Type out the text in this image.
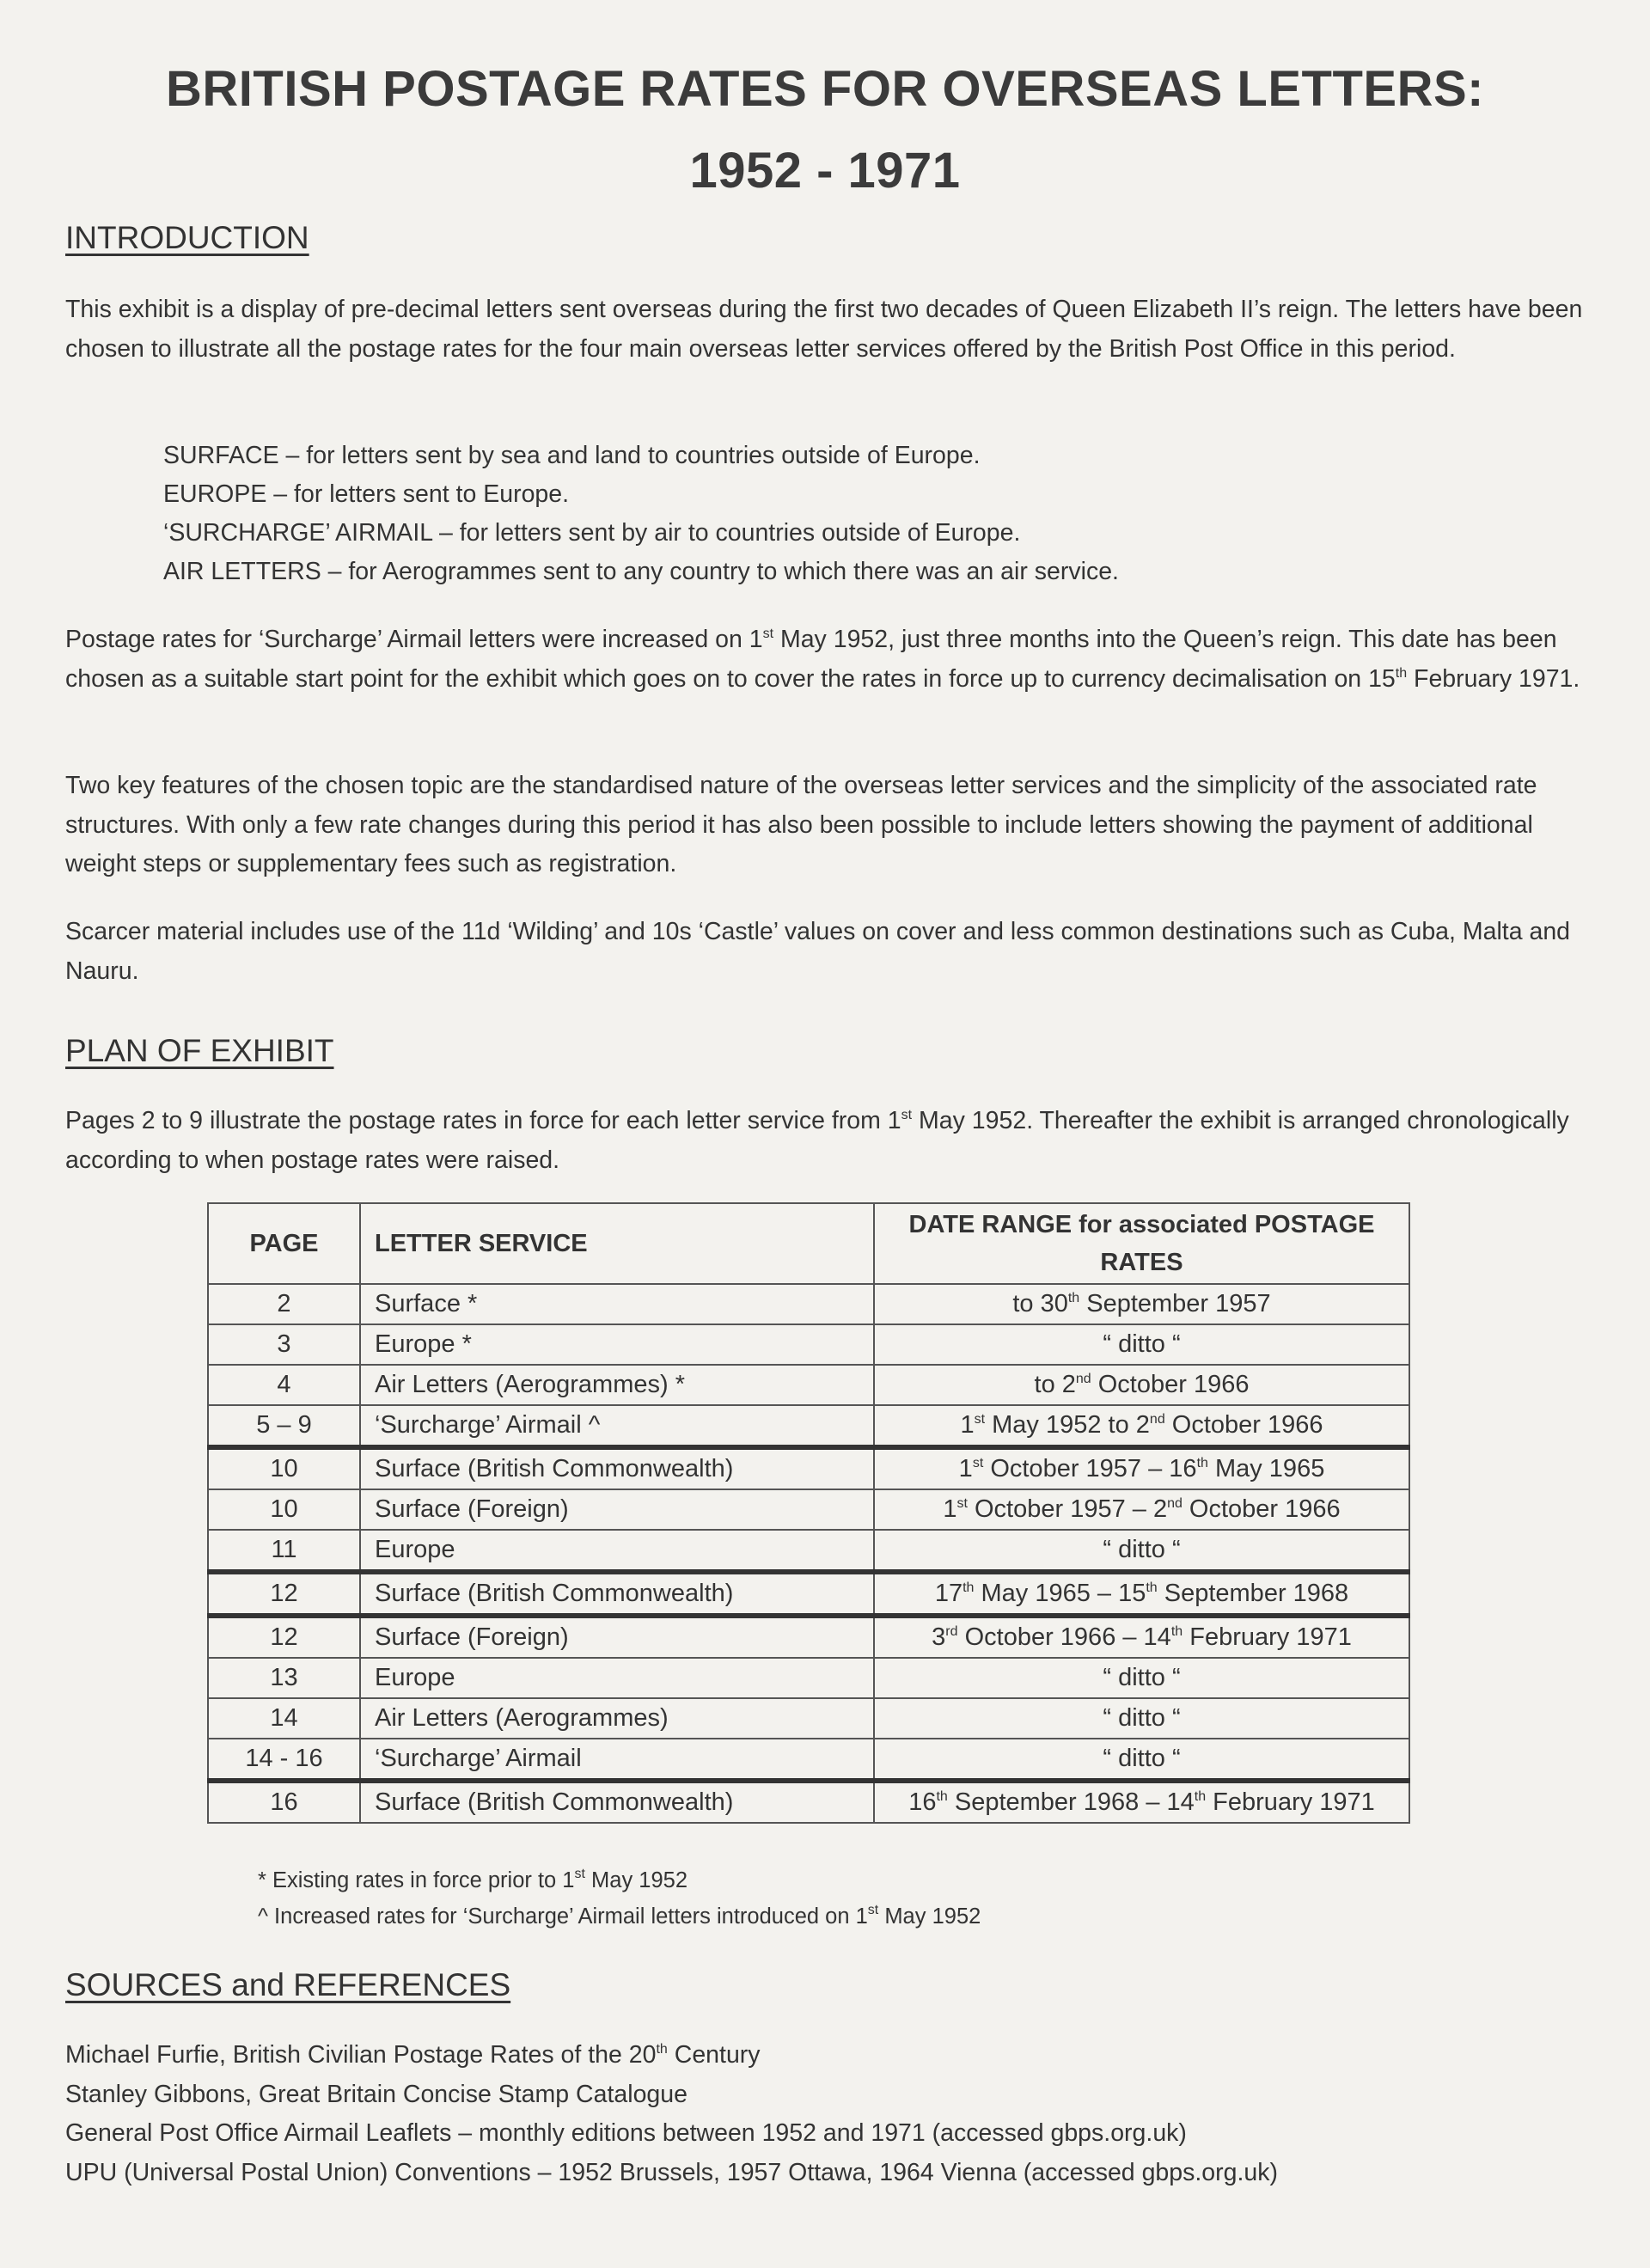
BRITISH POSTAGE RATES FOR OVERSEAS LETTERS:
1952 - 1971
INTRODUCTION
This exhibit is a display of pre-decimal letters sent overseas during the first two decades of Queen Elizabeth II’s reign. The letters have been chosen to illustrate all the postage rates for the four main overseas letter services offered by the British Post Office in this period.
SURFACE – for letters sent by sea and land to countries outside of Europe.
EUROPE – for letters sent to Europe.
‘SURCHARGE’ AIRMAIL – for letters sent by air to countries outside of Europe.
AIR LETTERS – for Aerogrammes sent to any country to which there was an air service.
Postage rates for ‘Surcharge’ Airmail letters were increased on 1st May 1952, just three months into the Queen’s reign. This date has been chosen as a suitable start point for the exhibit which goes on to cover the rates in force up to currency decimalisation on 15th February 1971.
Two key features of the chosen topic are the standardised nature of the overseas letter services and the simplicity of the associated rate structures. With only a few rate changes during this period it has also been possible to include letters showing the payment of additional weight steps or supplementary fees such as registration.
Scarcer material includes use of the 11d ‘Wilding’ and 10s ‘Castle’ values on cover and less common destinations such as Cuba, Malta and Nauru.
PLAN OF EXHIBIT
Pages 2 to 9 illustrate the postage rates in force for each letter service from 1st May 1952. Thereafter the exhibit is arranged chronologically according to when postage rates were raised.
PAGE	LETTER SERVICE	DATE RANGE for associated POSTAGE RATES
2	Surface *	to 30th September 1957
3	Europe *	“ ditto “
4	Air Letters (Aerogrammes) *	to 2nd October 1966
5 – 9	‘Surcharge’ Airmail ^	1st May 1952 to 2nd October 1966
10	Surface (British Commonwealth)	1st October 1957 – 16th May 1965
10	Surface (Foreign)	1st October 1957 – 2nd October 1966
11	Europe	“ ditto “
12	Surface (British Commonwealth)	17th May 1965 – 15th September 1968
12	Surface (Foreign)	3rd October 1966 – 14th February 1971
13	Europe	“ ditto “
14	Air Letters (Aerogrammes)	“ ditto “
14 - 16	‘Surcharge’ Airmail	“ ditto “
16	Surface (British Commonwealth)	16th September 1968 – 14th February 1971
* Existing rates in force prior to 1st May 1952
^ Increased rates for ‘Surcharge’ Airmail letters introduced on 1st May 1952
SOURCES and REFERENCES
Michael Furfie, British Civilian Postage Rates of the 20th Century
Stanley Gibbons, Great Britain Concise Stamp Catalogue
General Post Office Airmail Leaflets – monthly editions between 1952 and 1971 (accessed gbps.org.uk)
UPU (Universal Postal Union) Conventions – 1952 Brussels, 1957 Ottawa, 1964 Vienna (accessed gbps.org.uk)
